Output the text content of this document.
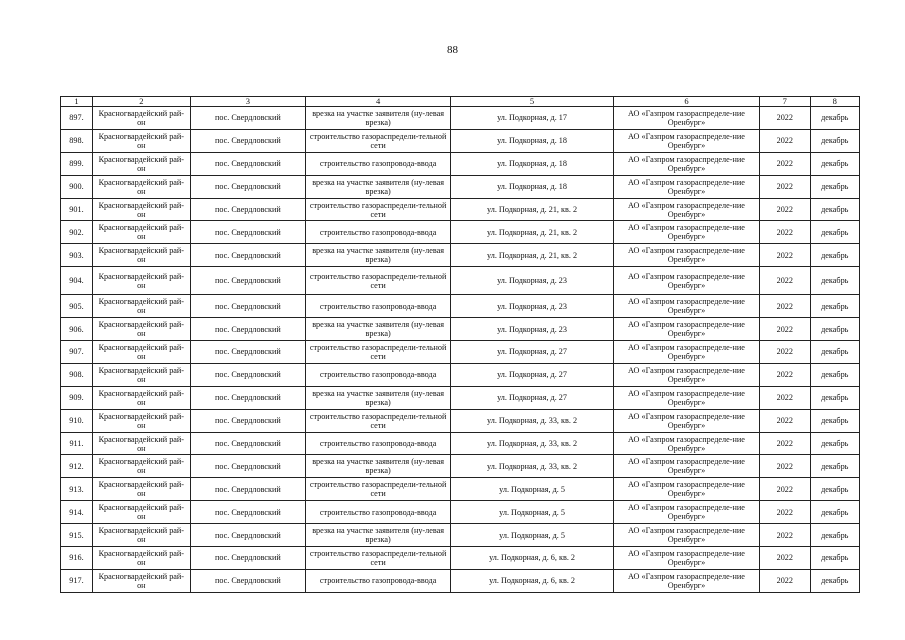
88
1	2	3	4	5	6	7	8
897.	Красногвардейский рай-он	пос. Свердловский	врезка на участке заявителя (ну-левая врезка)	ул. Подкорная, д. 17	АО «Газпром газораспределе-ние Оренбург»	2022	декабрь
898.	Красногвардейский рай-он	пос. Свердловский	строительство газораспредели-тельной сети	ул. Подкорная, д. 18	АО «Газпром газораспределе-ние Оренбург»	2022	декабрь
899.	Красногвардейский рай-он	пос. Свердловский	строительство газопровода-ввода	ул. Подкорная, д. 18	АО «Газпром газораспределе-ние Оренбург»	2022	декабрь
900.	Красногвардейский рай-он	пос. Свердловский	врезка на участке заявителя (ну-левая врезка)	ул. Подкорная, д. 18	АО «Газпром газораспределе-ние Оренбург»	2022	декабрь
901.	Красногвардейский рай-он	пос. Свердловский	строительство газораспредели-тельной сети	ул. Подкорная, д. 21, кв. 2	АО «Газпром газораспределе-ние Оренбург»	2022	декабрь
902.	Красногвардейский рай-он	пос. Свердловский	строительство газопровода-ввода	ул. Подкорная, д. 21, кв. 2	АО «Газпром газораспределе-ние Оренбург»	2022	декабрь
903.	Красногвардейский рай-он	пос. Свердловский	врезка на участке заявителя (ну-левая врезка)	ул. Подкорная, д. 21, кв. 2	АО «Газпром газораспределе-ние Оренбург»	2022	декабрь
904.	Красногвардейский рай-он	пос. Свердловский	строительство газораспредели-тельной сети	ул. Подкорная, д. 23	АО «Газпром газораспределе-ние Оренбург»	2022	декабрь
905.	Красногвардейский рай-он	пос. Свердловский	строительство газопровода-ввода	ул. Подкорная, д. 23	АО «Газпром газораспределе-ние Оренбург»	2022	декабрь
906.	Красногвардейский рай-он	пос. Свердловский	врезка на участке заявителя (ну-левая врезка)	ул. Подкорная, д. 23	АО «Газпром газораспределе-ние Оренбург»	2022	декабрь
907.	Красногвардейский рай-он	пос. Свердловский	строительство газораспредели-тельной сети	ул. Подкорная, д. 27	АО «Газпром газораспределе-ние Оренбург»	2022	декабрь
908.	Красногвардейский рай-он	пос. Свердловский	строительство газопровода-ввода	ул. Подкорная, д. 27	АО «Газпром газораспределе-ние Оренбург»	2022	декабрь
909.	Красногвардейский рай-он	пос. Свердловский	врезка на участке заявителя (ну-левая врезка)	ул. Подкорная, д. 27	АО «Газпром газораспределе-ние Оренбург»	2022	декабрь
910.	Красногвардейский рай-он	пос. Свердловский	строительство газораспредели-тельной сети	ул. Подкорная, д. 33, кв. 2	АО «Газпром газораспределе-ние Оренбург»	2022	декабрь
911.	Красногвардейский рай-он	пос. Свердловский	строительство газопровода-ввода	ул. Подкорная, д. 33, кв. 2	АО «Газпром газораспределе-ние Оренбург»	2022	декабрь
912.	Красногвардейский рай-он	пос. Свердловский	врезка на участке заявителя (ну-левая врезка)	ул. Подкорная, д. 33, кв. 2	АО «Газпром газораспределе-ние Оренбург»	2022	декабрь
913.	Красногвардейский рай-он	пос. Свердловский	строительство газораспредели-тельной сети	ул. Подкорная, д. 5	АО «Газпром газораспределе-ние Оренбург»	2022	декабрь
914.	Красногвардейский рай-он	пос. Свердловский	строительство газопровода-ввода	ул. Подкорная, д. 5	АО «Газпром газораспределе-ние Оренбург»	2022	декабрь
915.	Красногвардейский рай-он	пос. Свердловский	врезка на участке заявителя (ну-левая врезка)	ул. Подкорная, д. 5	АО «Газпром газораспределе-ние Оренбург»	2022	декабрь
916.	Красногвардейский рай-он	пос. Свердловский	строительство газораспредели-тельной сети	ул. Подкорная, д. 6, кв. 2	АО «Газпром газораспределе-ние Оренбург»	2022	декабрь
917.	Красногвардейский рай-он	пос. Свердловский	строительство газопровода-ввода	ул. Подкорная, д. 6, кв. 2	АО «Газпром газораспределе-ние Оренбург»	2022	декабрь
